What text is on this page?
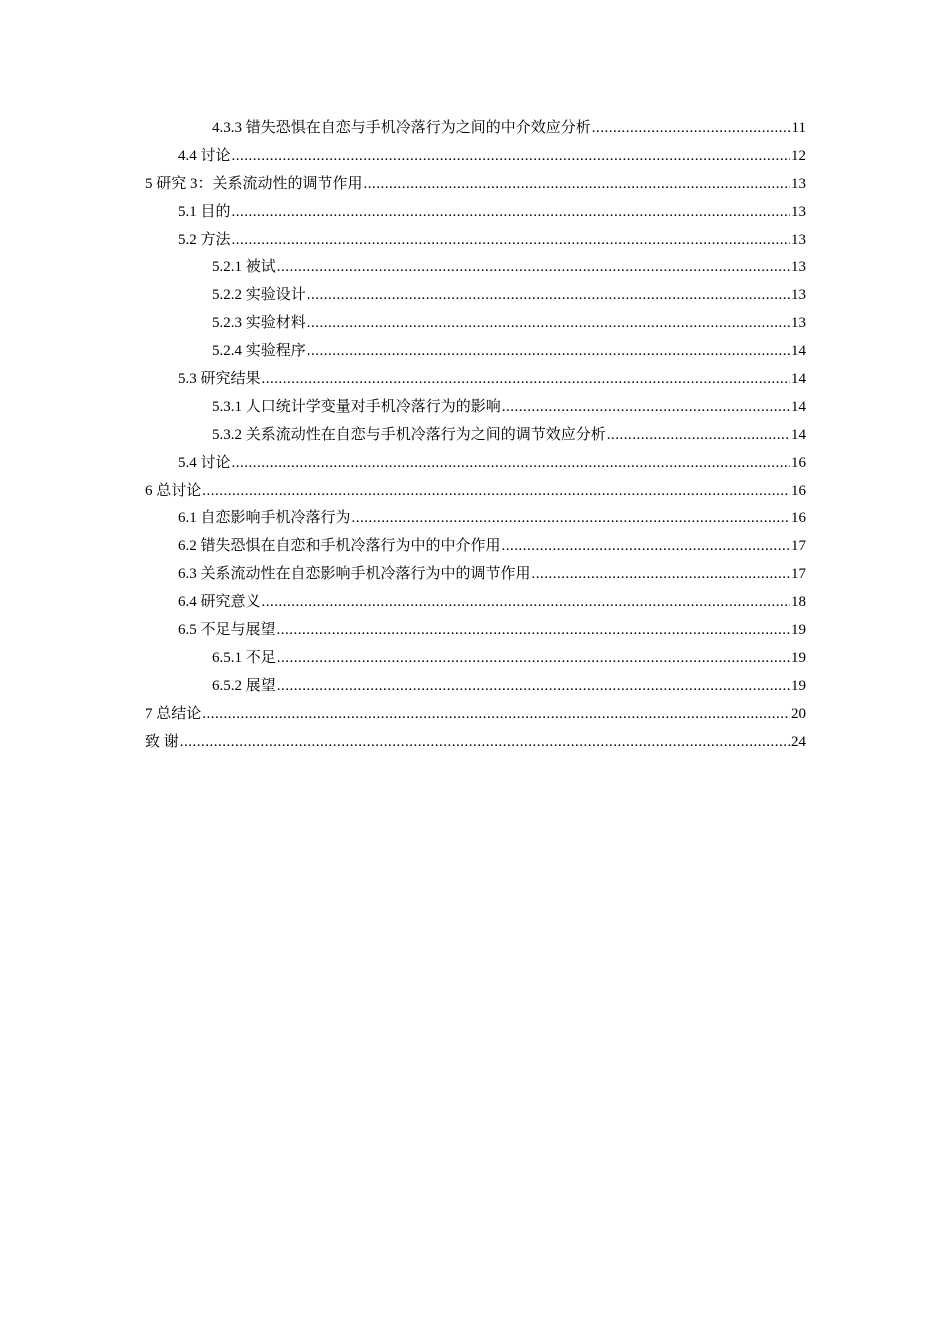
4.3.3 错失恐惧在自恋与手机冷落行为之间的中介效应分析 .....	11
4.4 讨论 .....	12
5 研究 3：关系流动性的调节作用 .....	13
5.1 目的 .....	13
5.2 方法 .....	13
5.2.1 被试 .....	13
5.2.2 实验设计 .....	13
5.2.3 实验材料 .....	13
5.2.4 实验程序 .....	14
5.3 研究结果 .....	14
5.3.1 人口统计学变量对手机冷落行为的影响 .....	14
5.3.2 关系流动性在自恋与手机冷落行为之间的调节效应分析 .....	14
5.4 讨论 .....	16
6 总讨论 .....	16
6.1 自恋影响手机冷落行为 .....	16
6.2 错失恐惧在自恋和手机冷落行为中的中介作用 .....	17
6.3 关系流动性在自恋影响手机冷落行为中的调节作用 .....	17
6.4 研究意义 .....	18
6.5 不足与展望 .....	19
6.5.1 不足 .....	19
6.5.2 展望 .....	19
7 总结论 .....	20
致 谢 .....	24
